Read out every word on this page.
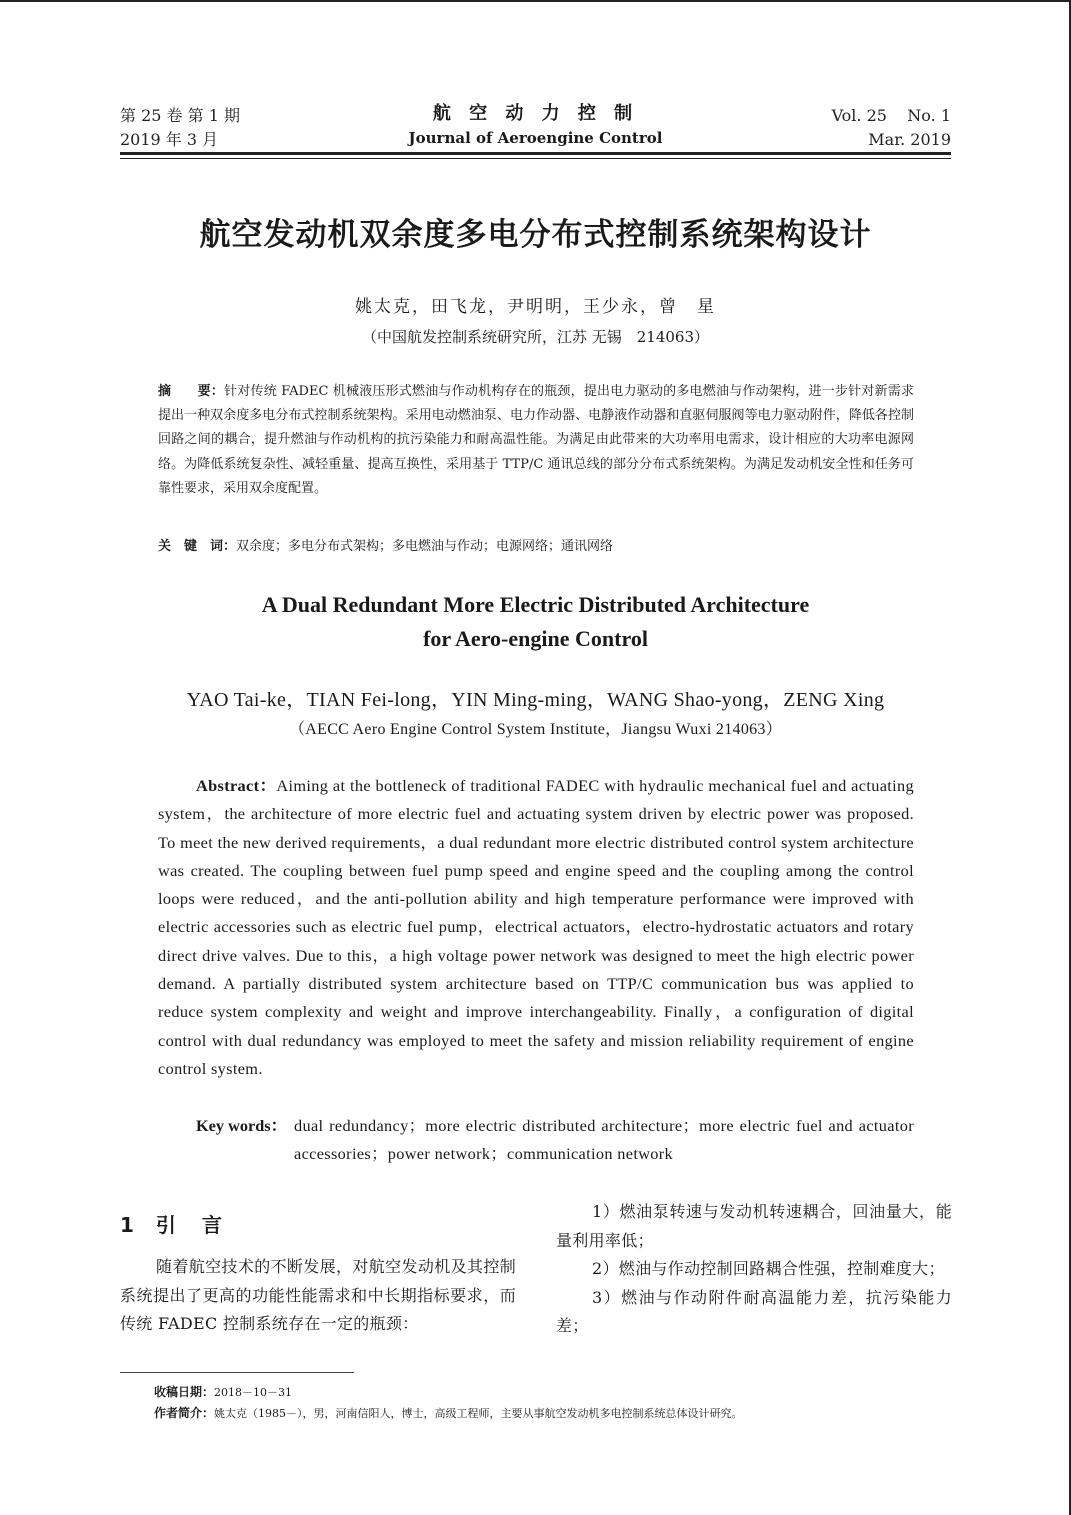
第 25 卷 第 1 期
2019 年 3 月
航 空 动 力 控 制
Journal of Aeroengine Control
Vol. 25    No. 1
Mar. 2019
航空发动机双余度多电分布式控制系统架构设计
姚太克，田飞龙，尹明明，王少永，曾　星
（中国航发控制系统研究所，江苏 无锡　214063）
摘　　要：针对传统 FADEC 机械液压形式燃油与作动机构存在的瓶颈，提出电力驱动的多电燃油与作动架构，进一步针对新需求提出一种双余度多电分布式控制系统架构。采用电动燃油泵、电力作动器、电静液作动器和直驱伺服阀等电力驱动附件，降低各控制回路之间的耦合，提升燃油与作动机构的抗污染能力和耐高温性能。为满足由此带来的大功率用电需求，设计相应的大功率电源网络。为降低系统复杂性、减轻重量、提高互换性，采用基于 TTP/C 通讯总线的部分分布式系统架构。为满足发动机安全性和任务可靠性要求，采用双余度配置。
关　键　词：双余度；多电分布式架构；多电燃油与作动；电源网络；通讯网络
A Dual Redundant More Electric Distributed Architecture
for Aero-engine Control
YAO Tai-ke，TIAN Fei-long，YIN Ming-ming，WANG Shao-yong，ZENG Xing
（AECC Aero Engine Control System Institute，Jiangsu Wuxi 214063）
Abstract：Aiming at the bottleneck of traditional FADEC with hydraulic mechanical fuel and actuating system，the architecture of more electric fuel and actuating system driven by electric power was proposed. To meet the new derived requirements，a dual redundant more electric distributed control system architecture was created. The coupling between fuel pump speed and engine speed and the coupling among the control loops were reduced，and the anti-pollution ability and high temperature performance were improved with electric accessories such as electric fuel pump，electrical actuators，electro-hydrostatic actuators and rotary direct drive valves. Due to this，a high voltage power network was designed to meet the high electric power demand. A partially distributed system architecture based on TTP/C communication bus was applied to reduce system complexity and weight and improve interchangeability. Finally，a configuration of digital control with dual redundancy was employed to meet the safety and mission reliability requirement of engine control system.
Key words： dual redundancy；more electric distributed architecture；more electric fuel and actuator accessories；power network；communication network
1 引言
随着航空技术的不断发展，对航空发动机及其控制系统提出了更高的功能性能需求和中长期指标要求，而传统 FADEC 控制系统存在一定的瓶颈：

1）燃油泵转速与发动机转速耦合，回油量大，能量利用率低；

2）燃油与作动控制回路耦合性强，控制难度大；

3）燃油与作动附件耐高温能力差，抗污染能力差；

收稿日期：2018－10－31
作者简介：姚太克（1985－），男，河南信阳人，博士，高级工程师，主要从事航空发动机多电控制系统总体设计研究。
